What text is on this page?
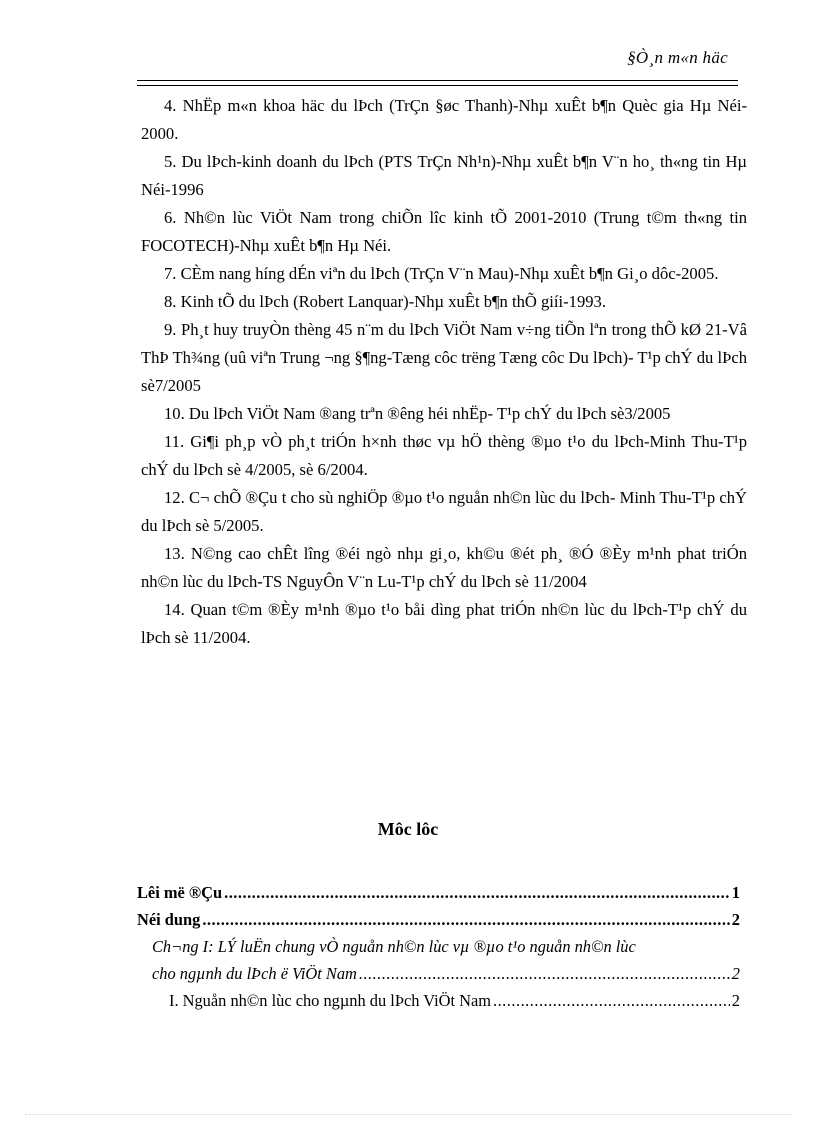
§Ò¸n m«n häc

4. NhËp m«n khoa häc du lÞch (TrÇn §øc Thanh)-Nhµ xuÊt b¶n Quèc gia Hµ Néi-2000.

5. Du lÞch-kinh doanh du lÞch (PTS TrÇn Nh¹n)-Nhµ xuÊt b¶n V¨n ho¸ th«ng tin Hµ Néi-1996

6. Nh©n lùc ViÖt Nam trong chiÕn lîc kinh tÕ 2001-2010 (Trung t©m th«ng tin FOCOTECH)-Nhµ xuÊt b¶n Hµ Néi.

7. CÈm nang híng dÉn viªn du lÞch (TrÇn V¨n Mau)-Nhµ xuÊt b¶n Gi¸o dôc-2005.

8. Kinh tÕ du lÞch (Robert Lanquar)-Nhµ xuÊt b¶n thÕ giíi-1993.

9. Ph¸t huy truyÒn thèng 45 n¨m du lÞch ViÖt Nam v÷ng tiÕn lªn trong thÕ kØ 21-Vâ ThÞ Th¾ng (uû viªn Trung ¬ng §¶ng-Tæng côc trëng Tæng côc Du lÞch)- T¹p chÝ du lÞch sè7/2005

10. Du lÞch ViÖt Nam ®ang trªn ®êng héi nhËp- T¹p chÝ du lÞch sè3/2005

11. Gi¶i ph¸p vÒ ph¸t triÓn h×nh thøc vµ hÖ thèng ®µo t¹o du lÞch-Minh Thu-T¹p chÝ du lÞch sè 4/2005, sè 6/2004.

12. C¬ chÕ ®Çu t cho sù nghiÖp ®µo t¹o nguån nh©n lùc du lÞch- Minh Thu-T¹p chÝ du lÞch sè 5/2005.

13. N©ng cao chÊt lîng ®éi ngò nhµ gi¸o, kh©u ®ét ph¸ ®Ó ®Èy m¹nh phat triÓn nh©n lùc du lÞch-TS NguyÔn V¨n Lu-T¹p chÝ du lÞch sè 11/2004

14. Quan t©m ®Èy m¹nh ®µo t¹o båi dìng phat triÓn nh©n lùc du lÞch-T¹p chÝ du lÞch sè 11/2004.

Môc lôc
Lêi më ®Çu .....	1
Néi dung .....	2
Ch¬ng I: LÝ luËn chung vÒ nguån nh©n lùc vµ ®µo t¹o nguån nh©n lùc
cho ngµnh du lÞch ë ViÖt Nam .....	2
I. Nguån nh©n lùc cho ngµnh du lÞch ViÖt Nam .....	2
